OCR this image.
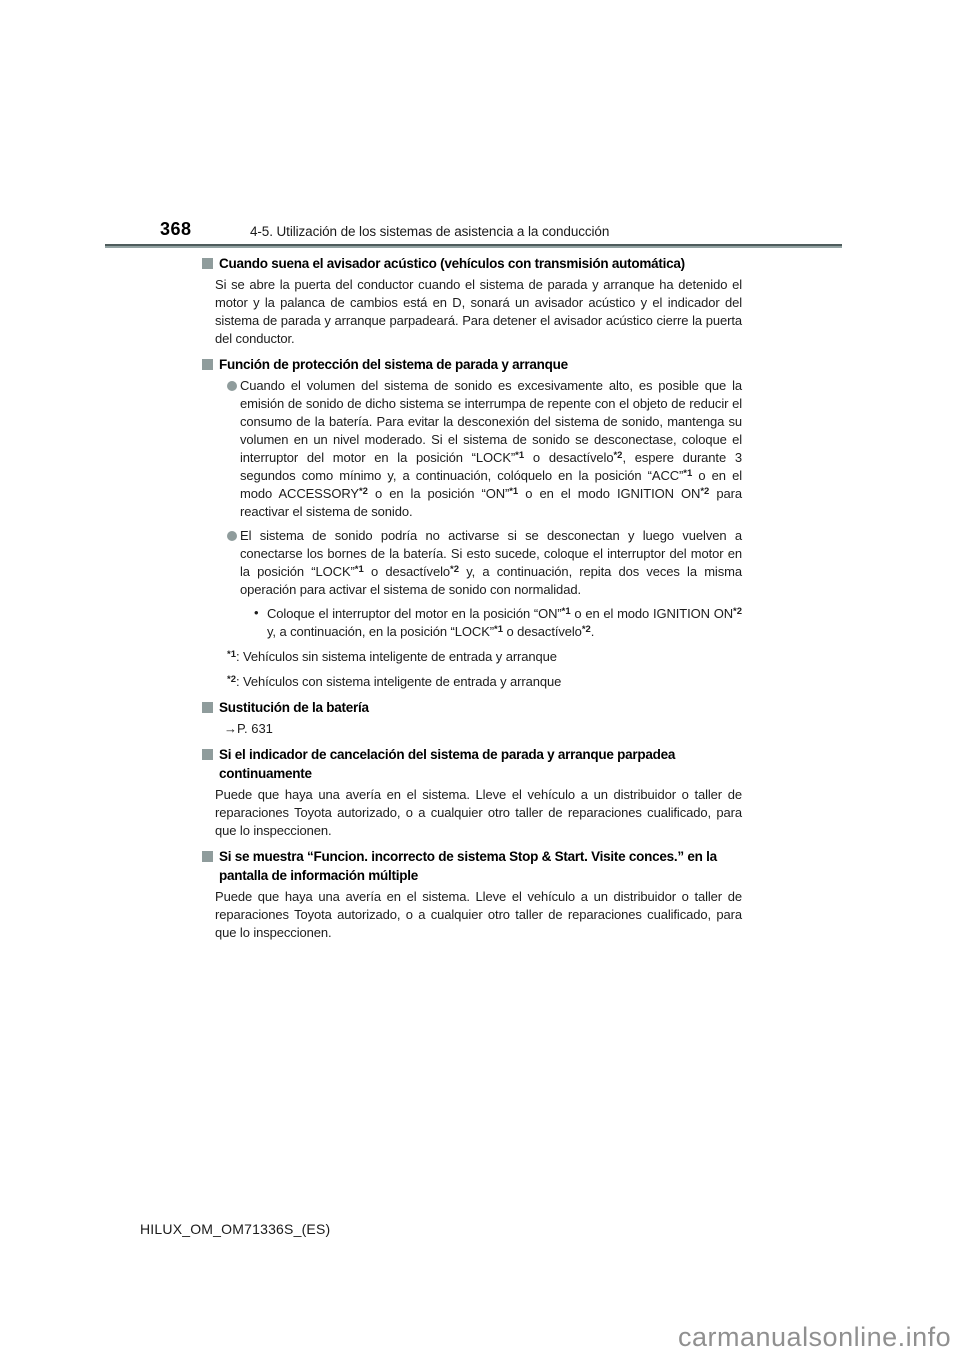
368	4-5. Utilización de los sistemas de asistencia a la conducción
Cuando suena el avisador acústico (vehículos con transmisión automática)

Si se abre la puerta del conductor cuando el sistema de parada y arranque ha detenido el motor y la palanca de cambios está en D, sonará un avisador acústico y el indicador del sistema de parada y arranque parpadeará. Para detener el avisador acústico cierre la puerta del conductor.

Función de protección del sistema de parada y arranque
Cuando el volumen del sistema de sonido es excesivamente alto, es posible que la emisión de sonido de dicho sistema se interrumpa de repente con el objeto de reducir el consumo de la batería. Para evitar la desconexión del sistema de sonido, mantenga su volumen en un nivel moderado. Si el sistema de sonido se desconectase, coloque el interruptor del motor en la posición “LOCK”$^{*1}$ o desactívelo$^{*2}$, espere durante 3 segundos como mínimo y, a continuación, colóquelo en la posición “ACC”$^{*1}$ o en el modo ACCESSORY$^{*2}$ o en la posición “ON”$^{*1}$ o en el modo IGNITION ON$^{*2}$ para reactivar el sistema de sonido.
El sistema de sonido podría no activarse si se desconectan y luego vuelven a conectarse los bornes de la batería. Si esto sucede, coloque el interruptor del motor en la posición “LOCK”$^{*1}$ o desactívelo$^{*2}$ y, a continuación, repita dos veces la misma operación para activar el sistema de sonido con normalidad.
• Coloque el interruptor del motor en la posición “ON”$^{*1}$ o en el modo IGNITION ON$^{*2}$ y, a continuación, en la posición “LOCK”$^{*1}$ o desactívelo$^{*2}$.
$^{*1}$: Vehículos sin sistema inteligente de entrada y arranque
$^{*2}$: Vehículos con sistema inteligente de entrada y arranque
Sustitución de la batería
→P. 631
Si el indicador de cancelación del sistema de parada y arranque parpadea continuamente

Puede que haya una avería en el sistema. Lleve el vehículo a un distribuidor o taller de reparaciones Toyota autorizado, o a cualquier otro taller de reparaciones cualificado, para que lo inspeccionen.

Si se muestra “Funcion. incorrecto de sistema Stop & Start. Visite conces.” en la pantalla de información múltiple

Puede que haya una avería en el sistema. Lleve el vehículo a un distribuidor o taller de reparaciones Toyota autorizado, o a cualquier otro taller de reparaciones cualificado, para que lo inspeccionen.

HILUX_OM_OM71336S_(ES)
carmanualsonline.info
